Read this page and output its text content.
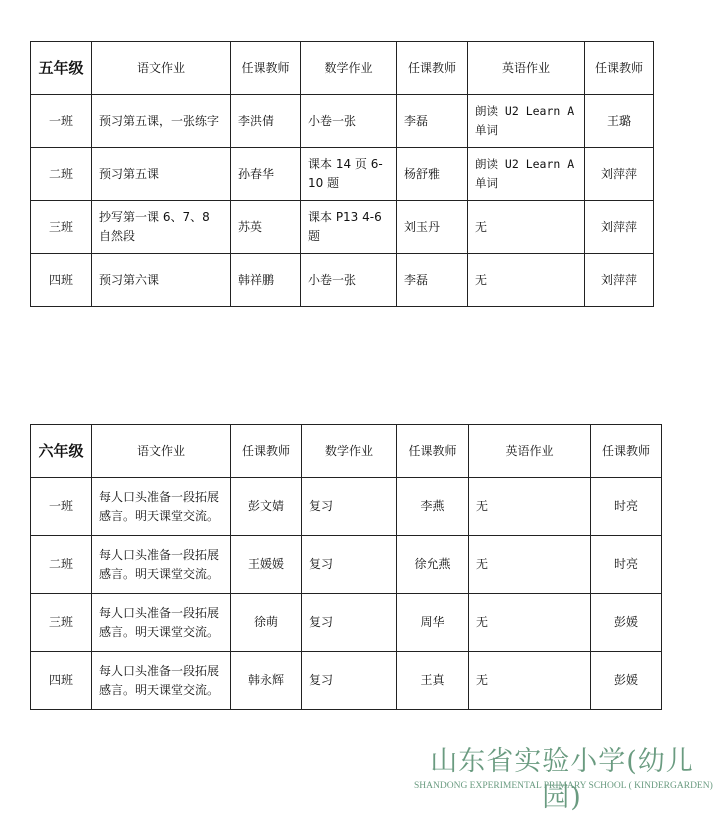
五年级	语文作业	任课教师	数学作业	任课教师	英语作业	任课教师
一班	预习第五课，一张练字	李洪倩	小卷一张	李磊	朗读 U2 Learn A 单词	王璐
二班	预习第五课	孙春华	课本 14 页 6-10 题	杨舒雅	朗读 U2 Learn A 单词	刘萍萍
三班	抄写第一课 6、7、8 自然段	苏英	课本 P13 4-6 题	刘玉丹	无	刘萍萍
四班	预习第六课	韩祥鹏	小卷一张	李磊	无	刘萍萍
六年级	语文作业	任课教师	数学作业	任课教师	英语作业	任课教师
一班	每人口头准备一段拓展感言。明天课堂交流。	彭文婧	复习	李燕	无	时亮
二班	每人口头准备一段拓展感言。明天课堂交流。	王媛媛	复习	徐允燕	无	时亮
三班	每人口头准备一段拓展感言。明天课堂交流。	徐萌	复习	周华	无	彭媛
四班	每人口头准备一段拓展感言。明天课堂交流。	韩永辉	复习	王真	无	彭媛
山东省实验小学(幼儿园)
SHANDONG EXPERIMENTAL PRIMARY SCHOOL ( KINDERGARDEN)
